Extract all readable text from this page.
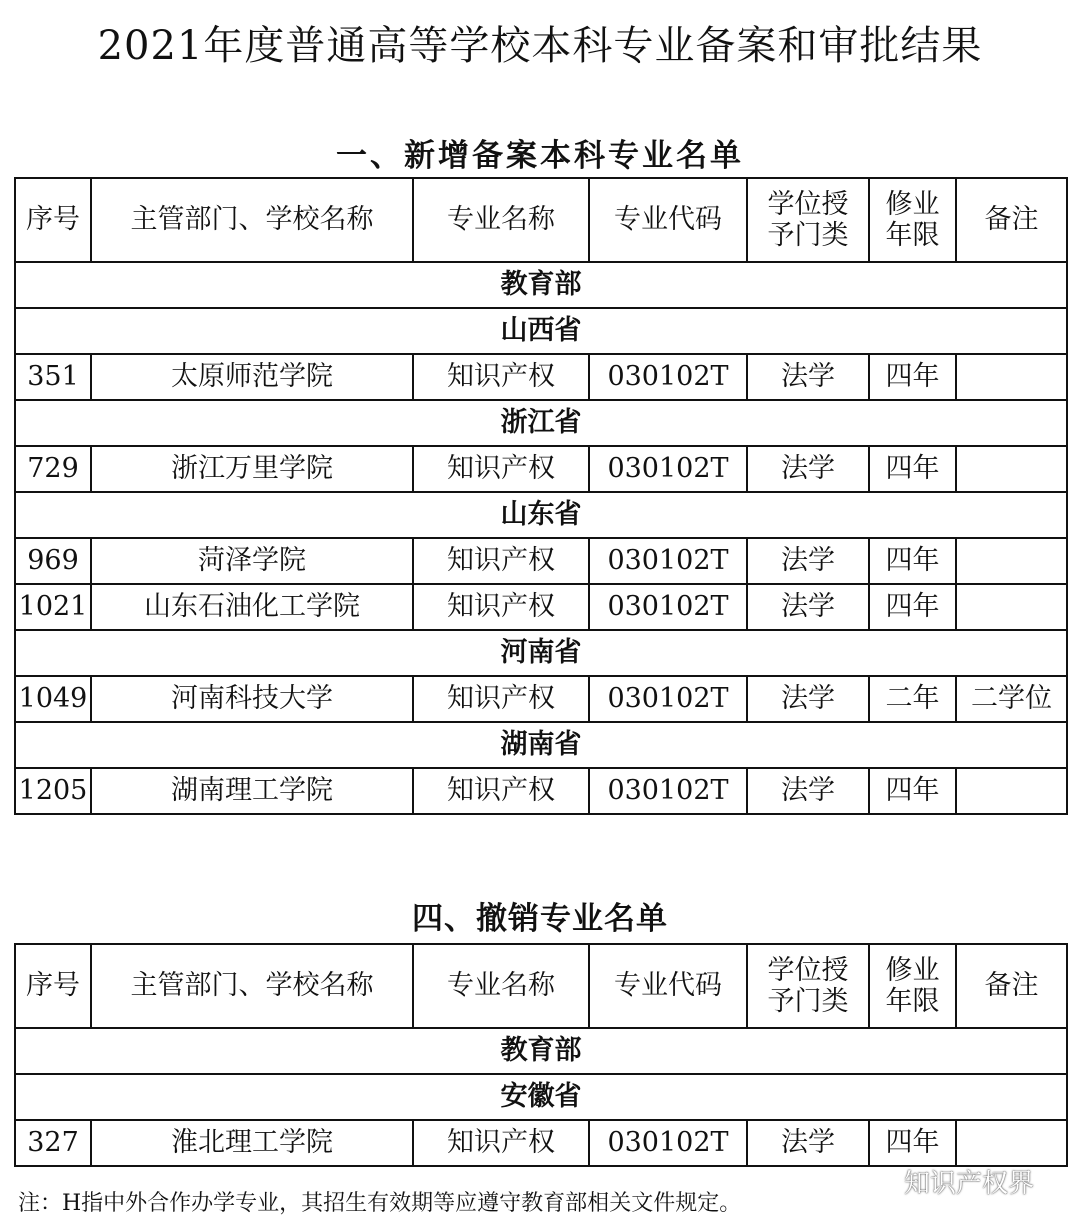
2021年度普通高等学校本科专业备案和审批结果
一、新增备案本科专业名单
序号	主管部门、学校名称	专业名称	专业代码	学位授予门类	修业年限	备注
教育部						
山西省						
351	太原师范学院	知识产权	030102T	法学	四年	
浙江省						
729	浙江万里学院	知识产权	030102T	法学	四年	
山东省						
969	菏泽学院	知识产权	030102T	法学	四年	
1021	山东石油化工学院	知识产权	030102T	法学	四年	
河南省						
1049	河南科技大学	知识产权	030102T	法学	二年	二学位
湖南省						
1205	湖南理工学院	知识产权	030102T	法学	四年	
四、撤销专业名单
序号	主管部门、学校名称	专业名称	专业代码	学位授予门类	修业年限	备注
教育部						
安徽省						
327	淮北理工学院	知识产权	030102T	法学	四年	
注：H指中外合作办学专业，其招生有效期等应遵守教育部相关文件规定。
知识产权界
